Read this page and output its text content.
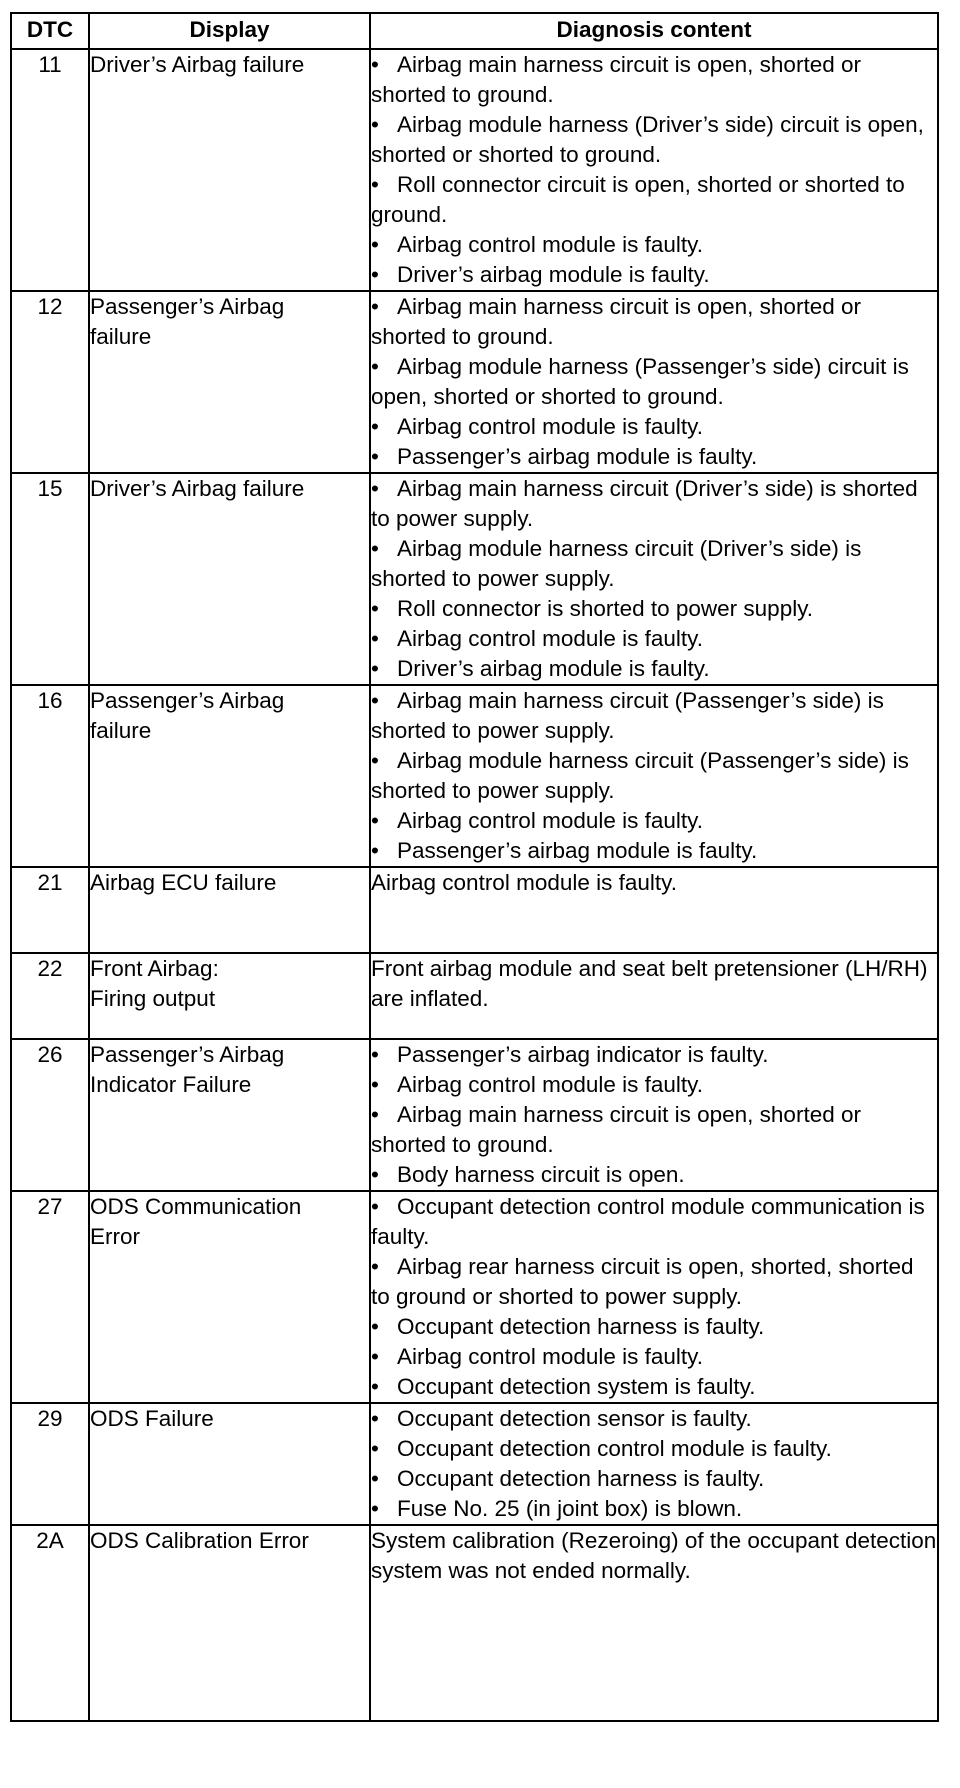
DTC	Display	Diagnosis content
11	Driver’s Airbag failure	• Airbag main harness circuit is open, shorted or shorted to ground.
• Airbag module harness (Driver’s side) circuit is open, shorted or shorted to ground.
• Roll connector circuit is open, shorted or shorted to ground.
• Airbag control module is faulty.
• Driver’s airbag module is faulty.

12	Passenger’s Airbag
failure	• Airbag main harness circuit is open, shorted or shorted to ground.
• Airbag module harness (Passenger’s side) circuit is open, shorted or shorted to ground.
• Airbag control module is faulty.
• Passenger’s airbag module is faulty.

15	Driver’s Airbag failure	• Airbag main harness circuit (Driver’s side) is shorted to power supply.
• Airbag module harness circuit (Driver’s side) is shorted to power supply.
• Roll connector is shorted to power supply.
• Airbag control module is faulty.
• Driver’s airbag module is faulty.

16	Passenger’s Airbag
failure	• Airbag main harness circuit (Passenger’s side) is shorted to power supply.
• Airbag module harness circuit (Passenger’s side) is shorted to power supply.
• Airbag control module is faulty.
• Passenger’s airbag module is faulty.

21	Airbag ECU failure	Airbag control module is faulty.

22	Front Airbag:
Firing output	Front airbag module and seat belt pretensioner (LH/RH) are inflated.

26	Passenger’s Airbag
Indicator Failure	• Passenger’s airbag indicator is faulty.
• Airbag control module is faulty.
• Airbag main harness circuit is open, shorted or shorted to ground.
• Body harness circuit is open.

27	ODS Communication
Error	• Occupant detection control module communication is faulty.
• Airbag rear harness circuit is open, shorted, shorted to ground or shorted to power supply.
• Occupant detection harness is faulty.
• Airbag control module is faulty.
• Occupant detection system is faulty.

29	ODS Failure	• Occupant detection sensor is faulty.
• Occupant detection control module is faulty.
• Occupant detection harness is faulty.
• Fuse No. 25 (in joint box) is blown.

2A	ODS Calibration Error	System calibration (Rezeroing) of the occupant detection system was not ended normally.
